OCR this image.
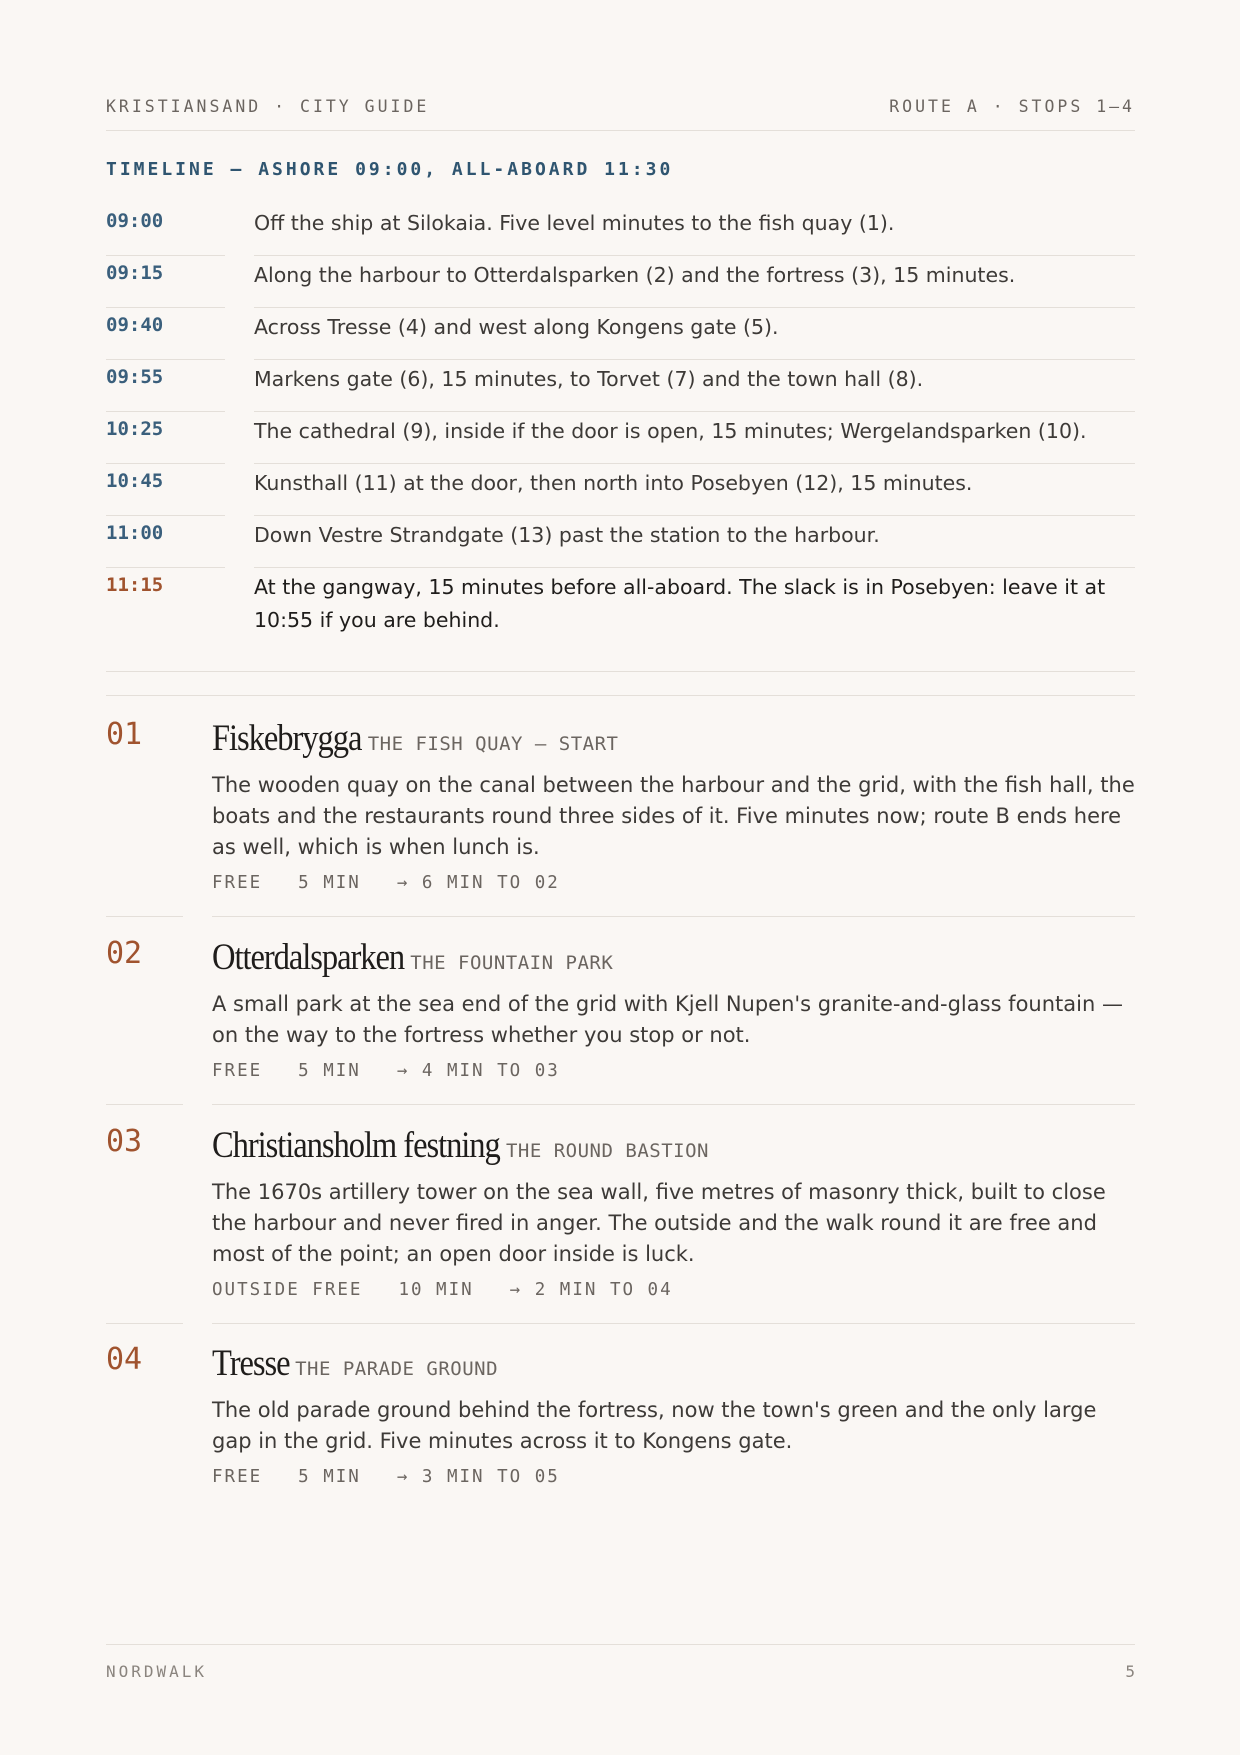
KRISTIANSAND · CITY GUIDE	ROUTE A · STOPS 1–4
TIMELINE — ASHORE 09:00, ALL-ABOARD 11:30
09:00	Off the ship at Silokaia. Five level minutes to the fish quay (1).
09:15	Along the harbour to Otterdalsparken (2) and the fortress (3), 15 minutes.
09:40	Across Tresse (4) and west along Kongens gate (5).
09:55	Markens gate (6), 15 minutes, to Torvet (7) and the town hall (8).
10:25	The cathedral (9), inside if the door is open, 15 minutes; Wergelandsparken (10).
10:45	Kunsthall (11) at the door, then north into Posebyen (12), 15 minutes.
11:00	Down Vestre Strandgate (13) past the station to the harbour.
11:15	At the gangway, 15 minutes before all-aboard. The slack is in Posebyen: leave it at 10:55 if you are behind.
01	Fiskebrygga THE FISH QUAY — START
The wooden quay on the canal between the harbour and the grid, with the fish hall, the boats and the restaurants round three sides of it. Five minutes now; route B ends here as well, which is when lunch is.
FREE 5 MIN → 6 MIN TO 02
02	Otterdalsparken THE FOUNTAIN PARK
A small park at the sea end of the grid with Kjell Nupen's granite-and-glass fountain — on the way to the fortress whether you stop or not.
FREE 5 MIN → 4 MIN TO 03
03	Christiansholm festning THE ROUND BASTION
The 1670s artillery tower on the sea wall, five metres of masonry thick, built to close the harbour and never fired in anger. The outside and the walk round it are free and most of the point; an open door inside is luck.
OUTSIDE FREE 10 MIN → 2 MIN TO 04
04	Tresse THE PARADE GROUND
The old parade ground behind the fortress, now the town's green and the only large gap in the grid. Five minutes across it to Kongens gate.
FREE 5 MIN → 3 MIN TO 05
NORDWALK	5
